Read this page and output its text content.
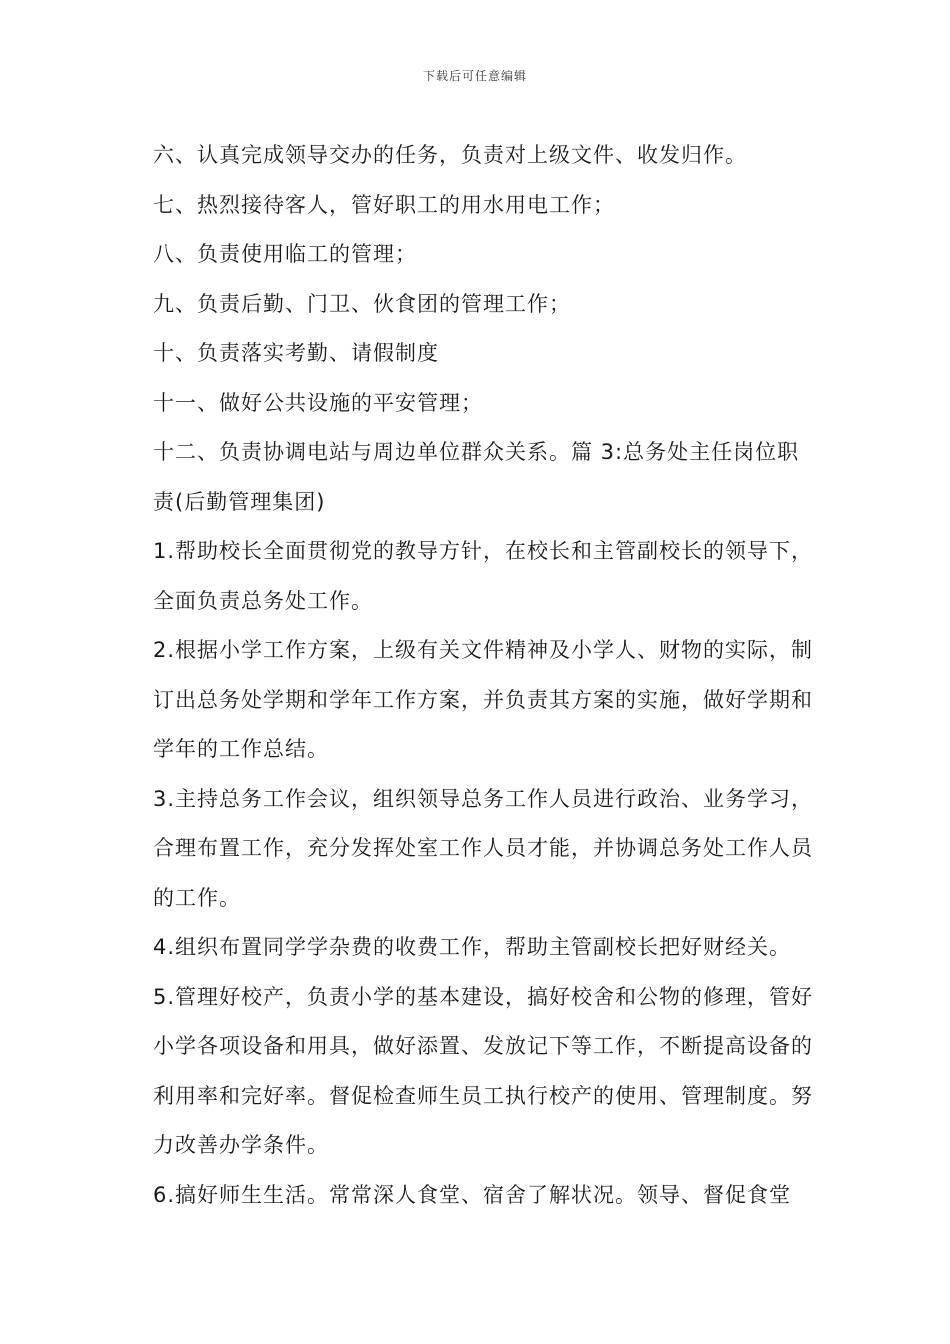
下载后可任意编辑

六、认真完成领导交办的任务，负责对上级文件、收发归作。

七、热烈接待客人，管好职工的用水用电工作；

八、负责使用临工的管理；

九、负责后勤、门卫、伙食团的管理工作；

十、负责落实考勤、请假制度

十一、做好公共设施的平安管理；

十二、负责协调电站与周边单位群众关系。篇 3:总务处主任岗位职责(后勤管理集团)

1.帮助校长全面贯彻党的教导方针，在校长和主管副校长的领导下，全面负责总务处工作。

2.根据小学工作方案，上级有关文件精神及小学人、财物的实际，制订出总务处学期和学年工作方案，并负责其方案的实施，做好学期和学年的工作总结。

3.主持总务工作会议，组织领导总务工作人员进行政治、业务学习，合理布置工作，充分发挥处室工作人员才能，并协调总务处工作人员的工作。

4.组织布置同学学杂费的收费工作，帮助主管副校长把好财经关。

5.管理好校产，负责小学的基本建设，搞好校舍和公物的修理，管好小学各项设备和用具，做好添置、发放记下等工作，不断提高设备的利用率和完好率。督促检查师生员工执行校产的使用、管理制度。努力改善办学条件。

6.搞好师生生活。常常深人食堂、宿舍了解状况。领导、督促食堂
